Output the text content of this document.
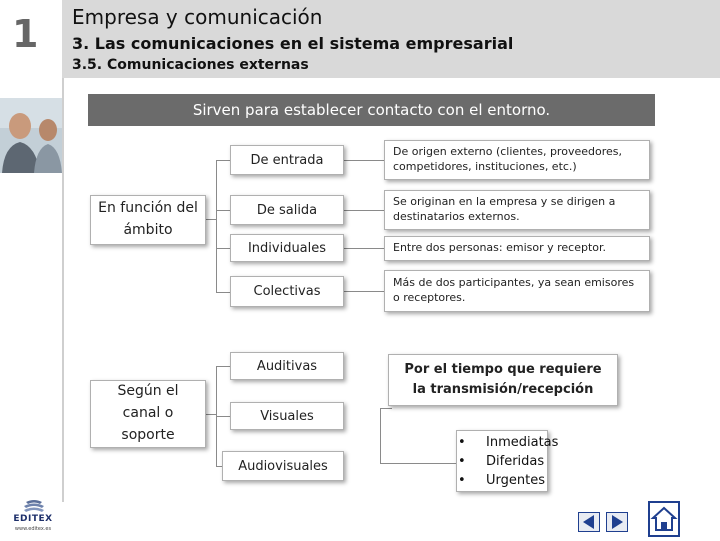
1	Empresa y comunicación
3. Las comunicaciones en el sistema empresarial
3.5. Comunicaciones externas
Sirven para establecer contacto con el entorno.
En función del ámbito
De entrada
De salida
Individuales
Colectivas
De origen externo (clientes, proveedores, competidores, instituciones, etc.)
Se originan en la empresa y se dirigen a destinatarios externos.
Entre dos personas: emisor y receptor.
Más de dos participantes, ya sean emisores o receptores.
Según el canal o soporte
Auditivas
Visuales
Audiovisuales
Por el tiempo que requiere la transmisión/recepción
•	Inmediatas
•	Diferidas
•	Urgentes
EDITEX
www.editex.es
